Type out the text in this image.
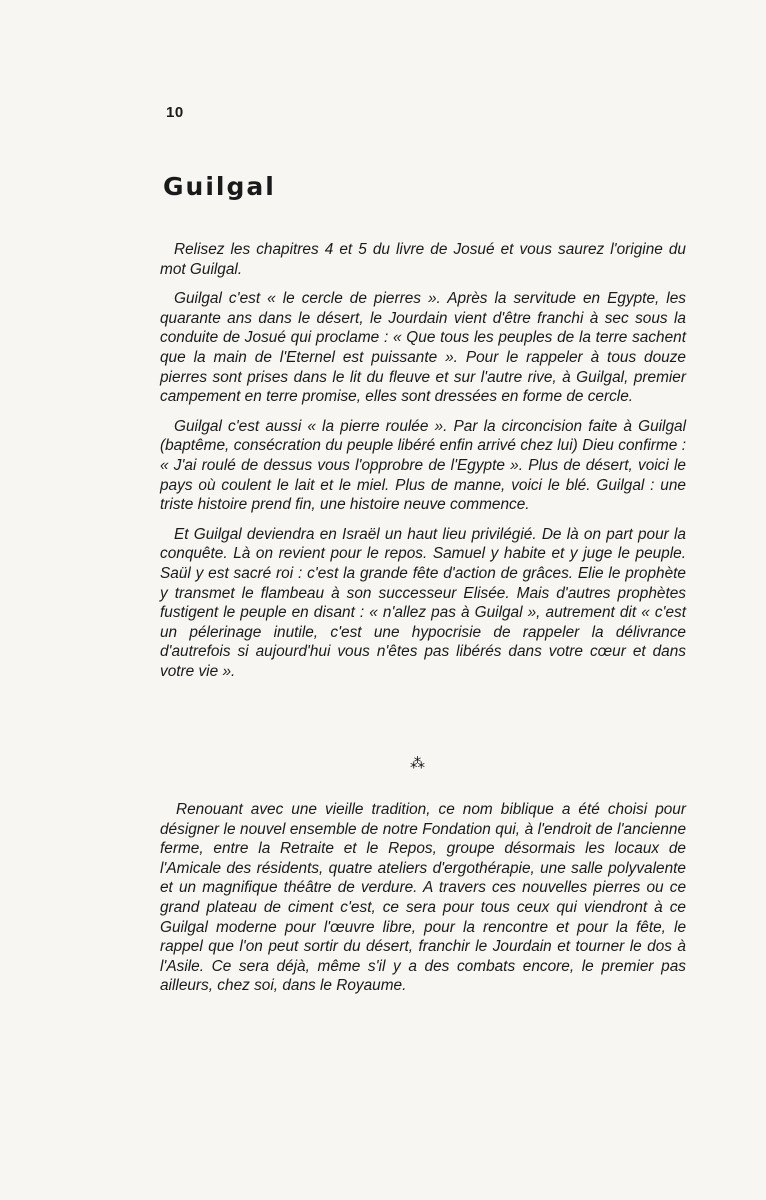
10
Guilgal

Relisez les chapitres 4 et 5 du livre de Josué et vous saurez l'origine du mot Guilgal.

Guilgal c'est « le cercle de pierres ». Après la servitude en Egypte, les quarante ans dans le désert, le Jourdain vient d'être franchi à sec sous la conduite de Josué qui proclame : « Que tous les peuples de la terre sachent que la main de l'Eternel est puissante ». Pour le rappeler à tous douze pierres sont prises dans le lit du fleuve et sur l'autre rive, à Guilgal, premier campement en terre promise, elles sont dressées en forme de cercle.

Guilgal c'est aussi « la pierre roulée ». Par la circoncision faite à Guilgal (baptême, consécration du peuple libéré enfin arrivé chez lui) Dieu confirme : « J'ai roulé de dessus vous l'opprobre de l'Egypte ». Plus de désert, voici le pays où coulent le lait et le miel. Plus de manne, voici le blé. Guilgal : une triste histoire prend fin, une histoire neuve commence.

Et Guilgal deviendra en Israël un haut lieu privilégié. De là on part pour la conquête. Là on revient pour le repos. Samuel y habite et y juge le peuple. Saül y est sacré roi : c'est la grande fête d'action de grâces. Elie le prophète y transmet le flambeau à son successeur Elisée. Mais d'autres prophètes fustigent le peuple en disant : « n'allez pas à Guilgal », autrement dit « c'est un pélerinage inutile, c'est une hypocrisie de rappeler la délivrance d'autrefois si aujourd'hui vous n'êtes pas libérés dans votre cœur et dans votre vie ».

⁂

Renouant avec une vieille tradition, ce nom biblique a été choisi pour désigner le nouvel ensemble de notre Fondation qui, à l'endroit de l'ancienne ferme, entre la Retraite et le Repos, groupe désormais les locaux de l'Amicale des résidents, quatre ateliers d'ergothérapie, une salle polyvalente et un magnifique théâtre de verdure. A travers ces nouvelles pierres ou ce grand plateau de ciment c'est, ce sera pour tous ceux qui viendront à ce Guilgal moderne pour l'œuvre libre, pour la rencontre et pour la fête, le rappel que l'on peut sortir du désert, franchir le Jourdain et tourner le dos à l'Asile. Ce sera déjà, même s'il y a des combats encore, le premier pas ailleurs, chez soi, dans le Royaume.
